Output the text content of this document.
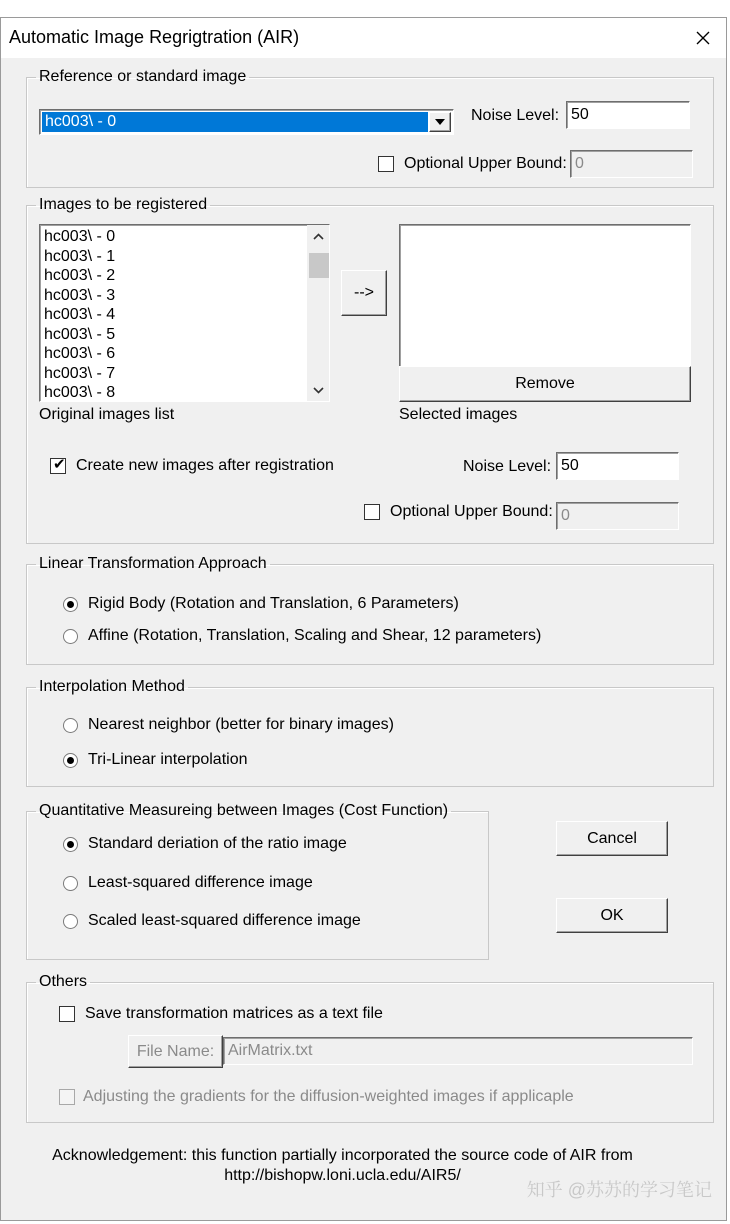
Automatic Image Regrigtration (AIR)
Reference or standard image
hc003\ - 0	Noise Level: 50
Optional Upper Bound: 0
Images to be registered
hc003\ - 0
hc003\ - 1
hc003\ - 2
hc003\ - 3
hc003\ - 4
hc003\ - 5
hc003\ - 6
hc003\ - 7
hc003\ - 8
-->
Remove
Original images list	Selected images
✔ Create new images after registration	Noise Level: 50
Optional Upper Bound: 0
Linear Transformation Approach
Rigid Body (Rotation and Translation, 6 Parameters)
Affine (Rotation, Translation, Scaling and Shear, 12 parameters)
Interpolation Method
Nearest neighbor (better for binary images)
Tri-Linear interpolation
Quantitative Measureing between Images (Cost Function)
Standard deriation of the ratio image
Least-squared difference image
Scaled least-squared difference image
Cancel
OK
Others
Save transformation matrices as a text file
File Name: AirMatrix.txt
Adjusting the gradients for the diffusion-weighted images if applicaple
Acknowledgement: this function partially incorporated the source code of AIR from
http://bishopw.loni.ucla.edu/AIR5/
知乎 @苏苏的学习笔记
